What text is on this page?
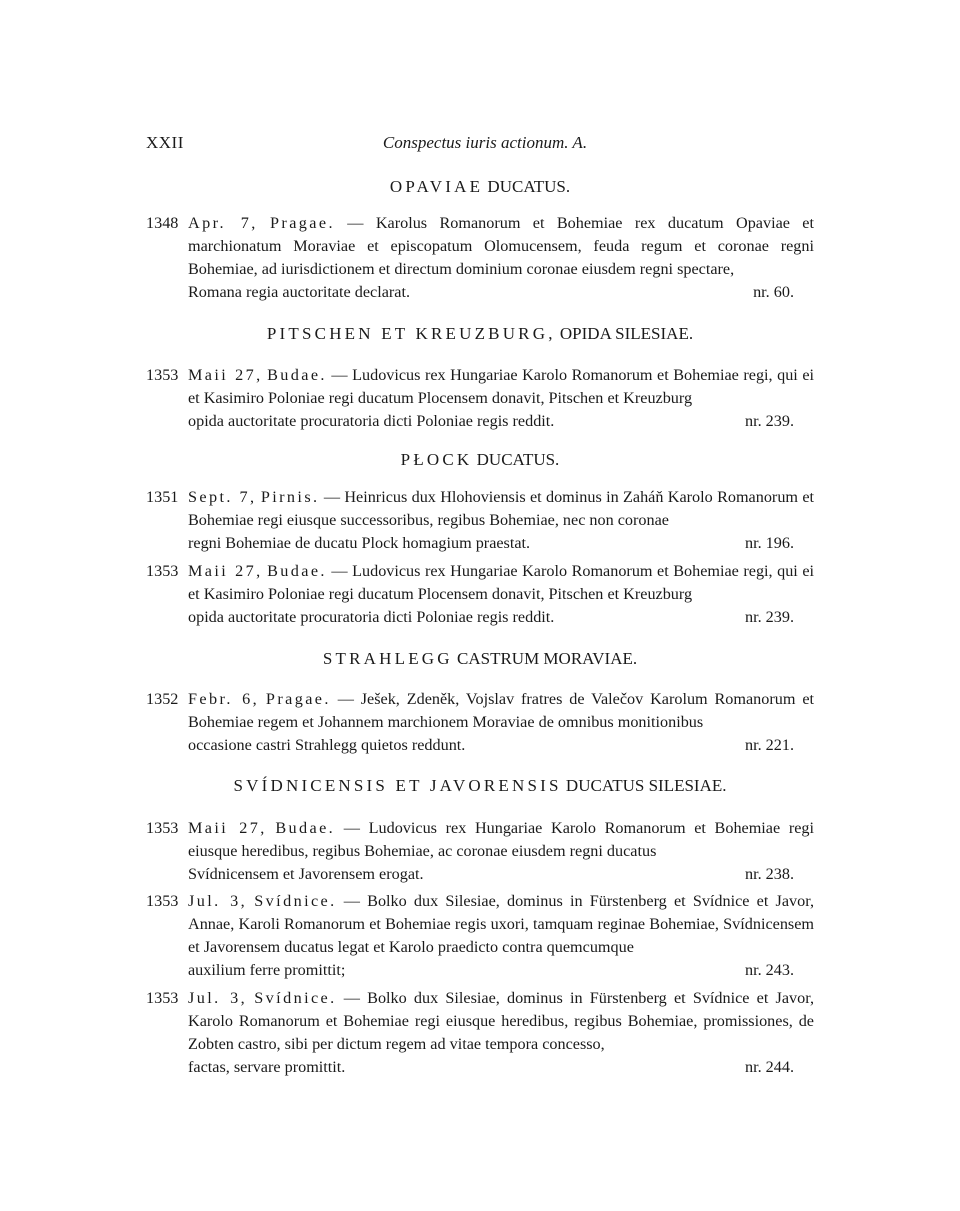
XXII	Conspectus iuris actionum. A.
OPAVIAE DUCATUS.
1348 Apr. 7, Pragae. — Karolus Romanorum et Bohemiae rex ducatum Opaviae et marchionatum Moraviae et episcopatum Olomucensem, feuda regum et coronae regni Bohemiae, ad iurisdictionem et directum dominium coronae eiusdem regni spectare,
Romana regia auctoritate declarat.	nr. 60.
PITSCHEN ET KREUZBURG, OPIDA SILESIAE.
1353 Maii 27, Budae. — Ludovicus rex Hungariae Karolo Romanorum et Bohemiae regi, qui ei et Kasimiro Poloniae regi ducatum Plocensem donavit, Pitschen et Kreuzburg
opida auctoritate procuratoria dicti Poloniae regis reddit.	nr. 239.
PŁOCK DUCATUS.
1351 Sept. 7, Pirnis. — Heinricus dux Hlohoviensis et dominus in Zaháň Karolo Romanorum et Bohemiae regi eiusque successoribus, regibus Bohemiae, nec non coronae
regni Bohemiae de ducatu Plock homagium praestat.	nr. 196.
1353 Maii 27, Budae. — Ludovicus rex Hungariae Karolo Romanorum et Bohemiae regi, qui ei et Kasimiro Poloniae regi ducatum Plocensem donavit, Pitschen et Kreuzburg
opida auctoritate procuratoria dicti Poloniae regis reddit.	nr. 239.
STRAHLEGG CASTRUM MORAVIAE.
1352 Febr. 6, Pragae. — Ješek, Zdeněk, Vojslav fratres de Valečov Karolum Romanorum et Bohemiae regem et Johannem marchionem Moraviae de omnibus monitionibus
occasione castri Strahlegg quietos reddunt.	nr. 221.
SVÍDNICENSIS ET JAVORENSIS DUCATUS SILESIAE.
1353 Maii 27, Budae. — Ludovicus rex Hungariae Karolo Romanorum et Bohemiae regi eiusque heredibus, regibus Bohemiae, ac coronae eiusdem regni ducatus
Svídnicensem et Javorensem erogat.	nr. 238.
1353 Jul. 3, Svídnice. — Bolko dux Silesiae, dominus in Fürstenberg et Svídnice et Javor, Annae, Karoli Romanorum et Bohemiae regis uxori, tamquam reginae Bohemiae, Svídnicensem et Javorensem ducatus legat et Karolo praedicto contra quemcumque
auxilium ferre promittit;	nr. 243.
1353 Jul. 3, Svídnice. — Bolko dux Silesiae, dominus in Fürstenberg et Svídnice et Javor, Karolo Romanorum et Bohemiae regi eiusque heredibus, regibus Bohemiae, promissiones, de Zobten castro, sibi per dictum regem ad vitae tempora concesso,
factas, servare promittit.	nr. 244.
